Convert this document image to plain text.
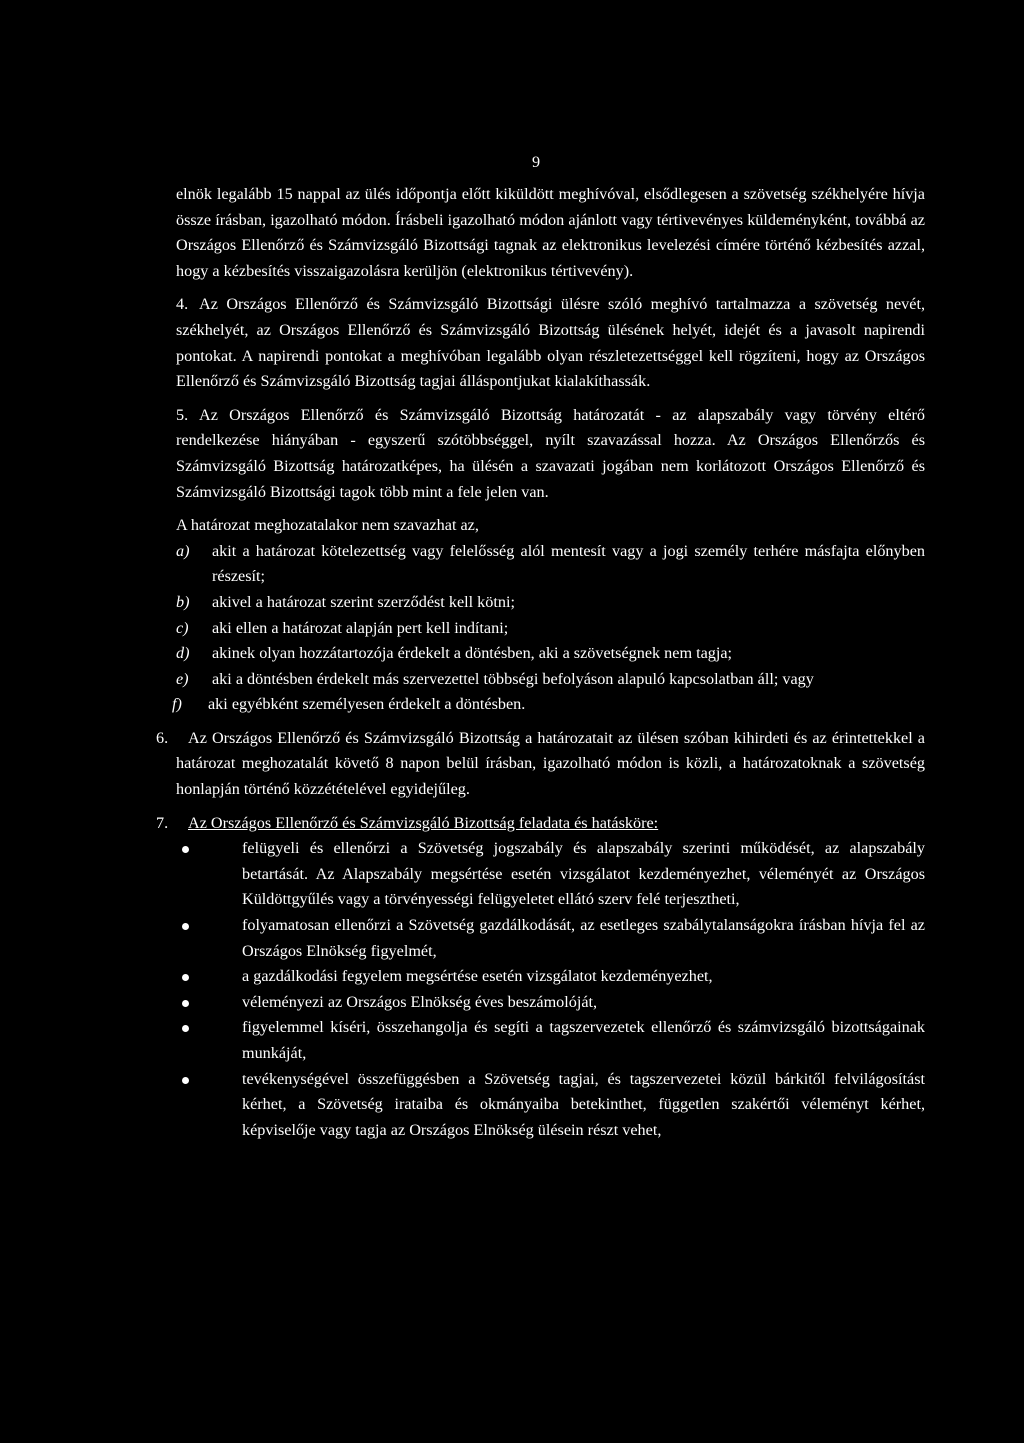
9

elnök legalább 15 nappal az ülés időpontja előtt kiküldött meghívóval, elsődlegesen a szövetség székhelyére hívja össze írásban, igazolható módon. Írásbeli igazolható módon ajánlott vagy tértivevényes küldeményként, továbbá az Országos Ellenőrző és Számvizsgáló Bizottsági tagnak az elektronikus levelezési címére történő kézbesítés azzal, hogy a kézbesítés visszaigazolásra kerüljön (elektronikus tértivevény).

4. Az Országos Ellenőrző és Számvizsgáló Bizottsági ülésre szóló meghívó tartalmazza a szövetség nevét, székhelyét, az Országos Ellenőrző és Számvizsgáló Bizottság ülésének helyét, idejét és a javasolt napirendi pontokat. A napirendi pontokat a meghívóban legalább olyan részletezettséggel kell rögzíteni, hogy az Országos Ellenőrző és Számvizsgáló Bizottság tagjai álláspontjukat kialakíthassák.

5. Az Országos Ellenőrző és Számvizsgáló Bizottság határozatát - az alapszabály vagy törvény eltérő rendelkezése hiányában - egyszerű szótöbbséggel, nyílt szavazással hozza. Az Országos Ellenőrzős és Számvizsgáló Bizottság határozatképes, ha ülésén a szavazati jogában nem korlátozott Országos Ellenőrző és Számvizsgáló Bizottsági tagok több mint a fele jelen van.

A határozat meghozatalakor nem szavazhat az,

a) akit a határozat kötelezettség vagy felelősség alól mentesít vagy a jogi személy terhére másfajta előnyben részesít;
b) akivel a határozat szerint szerződést kell kötni;
c) aki ellen a határozat alapján pert kell indítani;
d) akinek olyan hozzátartozója érdekelt a döntésben, aki a szövetségnek nem tagja;
e) aki a döntésben érdekelt más szervezettel többségi befolyáson alapuló kapcsolatban áll; vagy
f) aki egyébként személyesen érdekelt a döntésben.

6. Az Országos Ellenőrző és Számvizsgáló Bizottság a határozatait az ülésen szóban kihirdeti és az érintettekkel a határozat meghozatalát követő 8 napon belül írásban, igazolható módon is közli, a határozatoknak a szövetség honlapján történő közzétételével egyidejűleg.

7. Az Országos Ellenőrző és Számvizsgáló Bizottság feladata és hatásköre:

felügyeli és ellenőrzi a Szövetség jogszabály és alapszabály szerinti működését, az alapszabály betartását. Az Alapszabály megsértése esetén vizsgálatot kezdeményezhet, véleményét az Országos Küldöttgyűlés vagy a törvényességi felügyeletet ellátó szerv felé terjesztheti,
folyamatosan ellenőrzi a Szövetség gazdálkodását, az esetleges szabálytalanságokra írásban hívja fel az Országos Elnökség figyelmét,
a gazdálkodási fegyelem megsértése esetén vizsgálatot kezdeményezhet,
véleményezi az Országos Elnökség éves beszámolóját,
figyelemmel kíséri, összehangolja és segíti a tagszervezetek ellenőrző és számvizsgáló bizottságainak munkáját,
tevékenységével összefüggésben a Szövetség tagjai, és tagszervezetei közül bárkitől felvilágosítást kérhet, a Szövetség irataiba és okmányaiba betekinthet, független szakértői véleményt kérhet, képviselője vagy tagja az Országos Elnökség ülésein részt vehet,
